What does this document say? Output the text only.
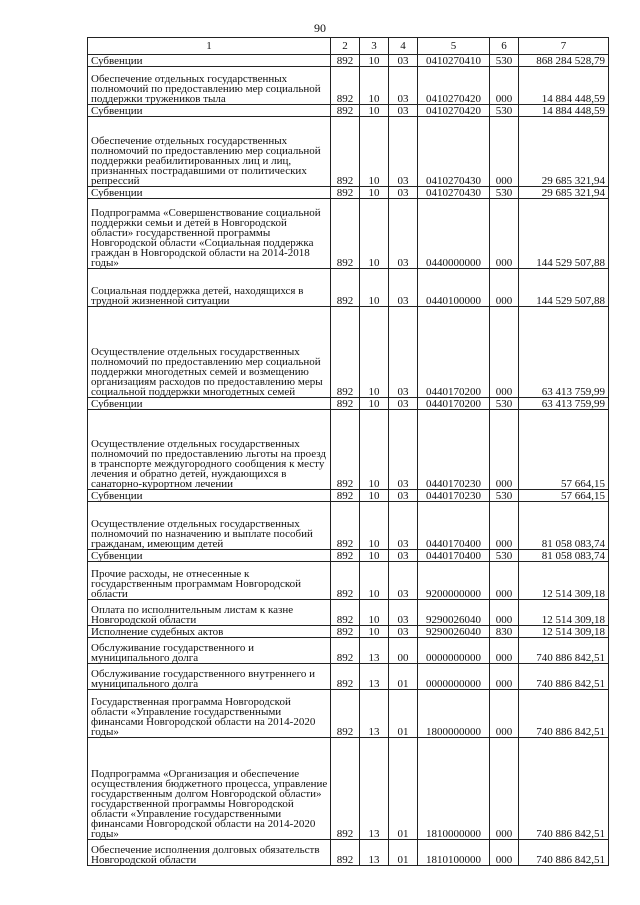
90
1	2	3	4	5	6	7
Субвенции	892	10	03	0410270410	530	868 284 528,79
Обеспечение отдельных государственных полномочий по предоставлению мер социальной поддержки тружеников тыла	892	10	03	0410270420	000	14 884 448,59
Субвенции	892	10	03	0410270420	530	14 884 448,59
Обеспечение отдельных государственных полномочий по предоставлению мер социальной поддержки реабилитированных лиц и лиц, признанных пострадавшими от политических репрессий	892	10	03	0410270430	000	29 685 321,94
Субвенции	892	10	03	0410270430	530	29 685 321,94
Подпрограмма «Совершенствование социальной поддержки семьи и детей в Новгородской области» государственной программы Новгородской области «Социальная поддержка граждан в Новгородской области на 2014-2018 годы»	892	10	03	0440000000	000	144 529 507,88
Социальная поддержка детей, находящихся в трудной жизненной ситуации	892	10	03	0440100000	000	144 529 507,88
Осуществление отдельных государственных полномочий по предоставлению мер социальной поддержки многодетных семей и возмещению организациям расходов по предоставлению меры социальной поддержки многодетных семей	892	10	03	0440170200	000	63 413 759,99
Субвенции	892	10	03	0440170200	530	63 413 759,99
Осуществление отдельных государственных полномочий по предоставлению льготы на проезд в транспорте междугородного сообщения к месту лечения и обратно детей, нуждающихся в санаторно-курортном лечении	892	10	03	0440170230	000	57 664,15
Субвенции	892	10	03	0440170230	530	57 664,15
Осуществление отдельных государственных полномочий по назначению и выплате пособий гражданам, имеющим детей	892	10	03	0440170400	000	81 058 083,74
Субвенции	892	10	03	0440170400	530	81 058 083,74
Прочие расходы, не отнесенные к государственным программам Новгородской области	892	10	03	9200000000	000	12 514 309,18
Оплата по исполнительным листам к казне Новгородской области	892	10	03	9290026040	000	12 514 309,18
Исполнение судебных актов	892	10	03	9290026040	830	12 514 309,18
Обслуживание государственного и муниципального долга	892	13	00	0000000000	000	740 886 842,51
Обслуживание государственного внутреннего и муниципального долга	892	13	01	0000000000	000	740 886 842,51
Государственная программа Новгородской области «Управление государственными финансами Новгородской области на 2014-2020 годы»	892	13	01	1800000000	000	740 886 842,51
Подпрограмма «Организация и обеспечение осуществления бюджетного процесса, управление государственным долгом Новгородской области» государственной программы Новгородской области «Управление государственными финансами Новгородской области на 2014-2020 годы»	892	13	01	1810000000	000	740 886 842,51
Обеспечение исполнения долговых обязательств Новгородской области	892	13	01	1810100000	000	740 886 842,51
